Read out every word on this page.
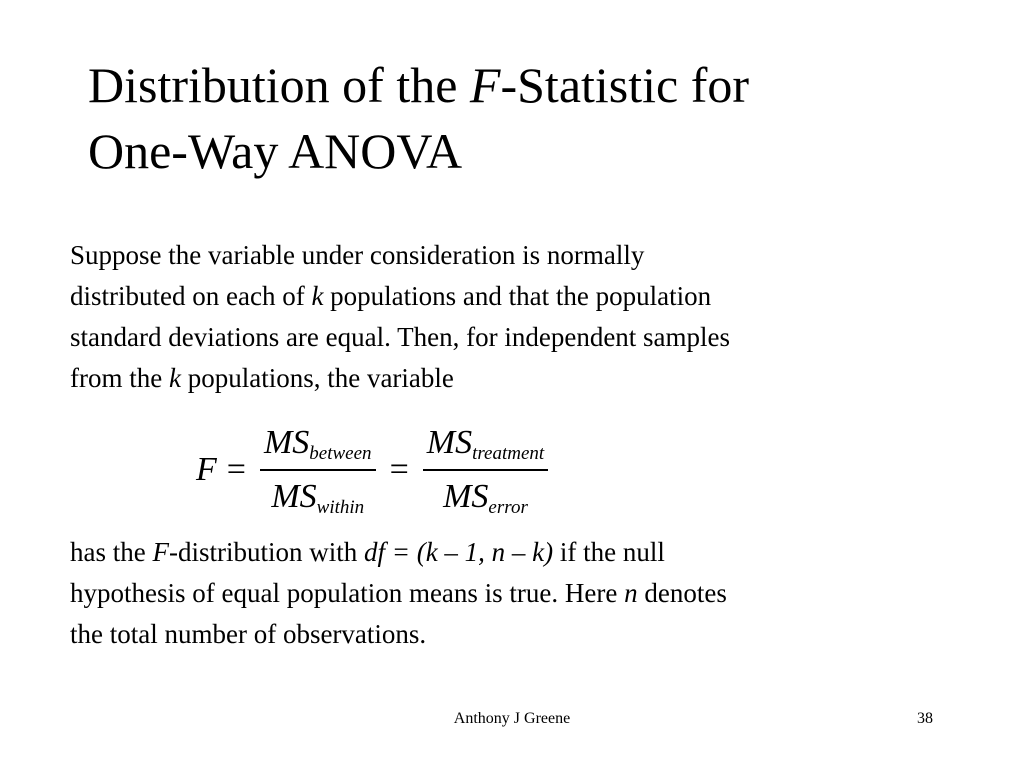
Distribution of the F-Statistic for
One-Way ANOVA
Suppose the variable under consideration is normally
distributed on each of k populations and that the population
standard deviations are equal. Then, for independent samples
from the k populations, the variable
$F = \frac{MS_{between}}{MS_{within}} = \frac{MS_{treatment}}{MS_{error}}$
has the F-distribution with df = (k – 1, n – k) if the null
hypothesis of equal population means is true. Here n denotes
the total number of observations.
Anthony J Greene	38
